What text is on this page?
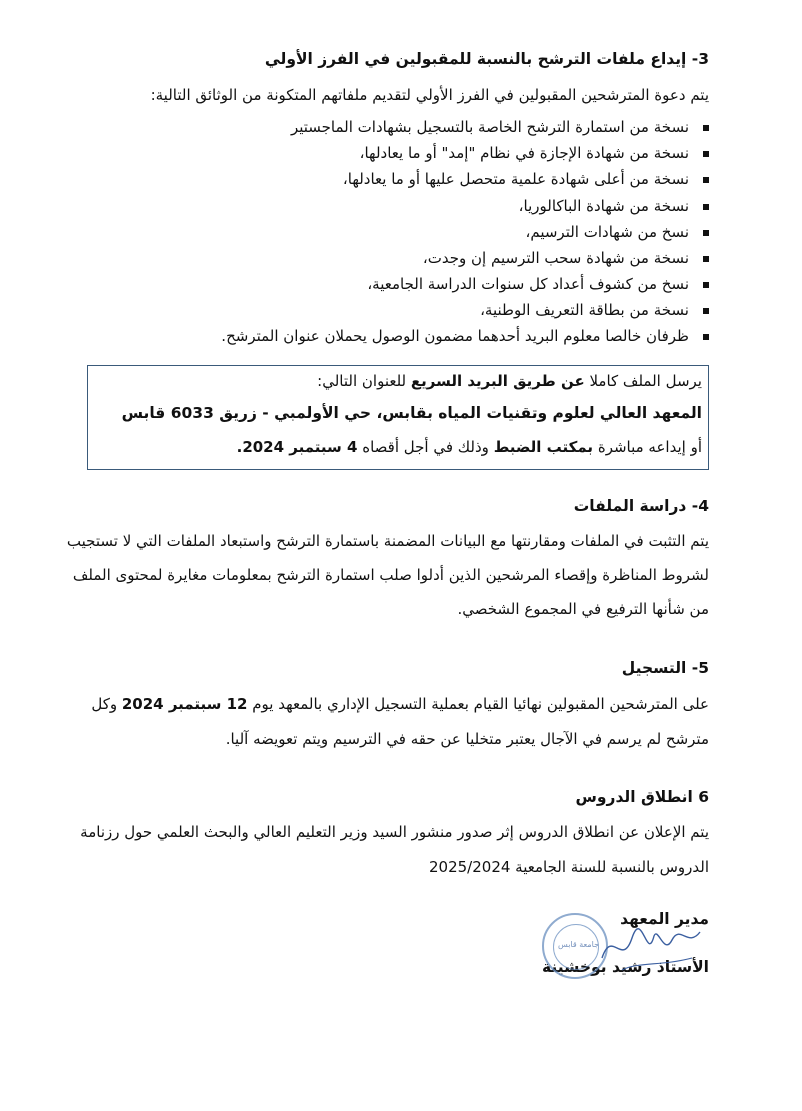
3- إيداع ملفات الترشح بالنسبة للمقبولين في الفرز الأولي
يتم دعوة المترشحين المقبولين في الفرز الأولي لتقديم ملفاتهم المتكونة من الوثائق التالية:
نسخة من استمارة الترشح الخاصة بالتسجيل بشهادات الماجستير
نسخة من شهادة الإجازة في نظام "إمد" أو ما يعادلها،
نسخة من أعلى شهادة علمية متحصل عليها أو ما يعادلها،
نسخة من شهادة الباكالوريا،
نسخ من شهادات الترسيم،
نسخة من شهادة سحب الترسيم إن وجدت،
نسخ من كشوف أعداد كل سنوات الدراسة الجامعية،
نسخة من بطاقة التعريف الوطنية،
ظرفان خالصا معلوم البريد أحدهما مضمون الوصول يحملان عنوان المترشح.
يرسل الملف كاملا عن طريق البريد السريع للعنوان التالي:
المعهد العالي لعلوم وتقنيات المياه بقابس، حي الأولمبي - زريق 6033 قابس
أو إيداعه مباشرة بمكتب الضبط وذلك في أجل أقصاه 4 سبتمبر 2024.
4- دراسة الملفات
يتم التثبت في الملفات ومقارنتها مع البيانات المضمنة باستمارة الترشح واستبعاد الملفات التي لا تستجيب
لشروط المناظرة وإقصاء المرشحين الذين أدلوا صلب استمارة الترشح بمعلومات مغايرة لمحتوى الملف
من شأنها الترفيع في المجموع الشخصي.
5- التسجيل
على المترشحين المقبولين نهائيا القيام بعملية التسجيل الإداري بالمعهد يوم 12 سبتمبر 2024 وكل
مترشح لم يرسم في الآجال يعتبر متخليا عن حقه في الترسيم ويتم تعويضه آليا.
6 انطلاق الدروس
يتم الإعلان عن انطلاق الدروس إثر صدور منشور السيد وزير التعليم العالي والبحث العلمي حول رزنامة
الدروس بالنسبة للسنة الجامعية 2025/2024
مدير المعهد
الأستاذ رشيد بوخشينة
جامعة قابس
